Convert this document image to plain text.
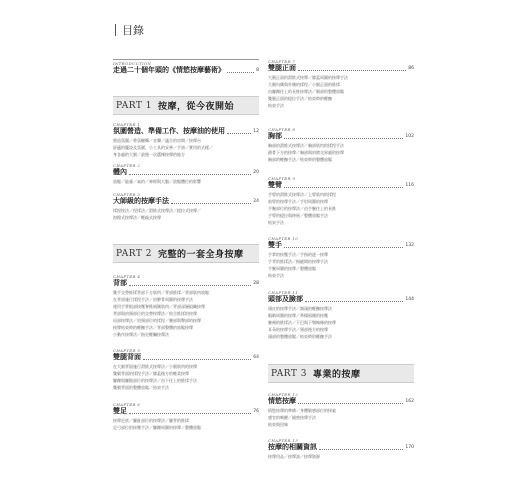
目錄
INTRODUCTION
走過二十個年頭的《情慾按摩藝術》	8
PART 1 按摩，從今夜開始
CHAPTER 1
氛圍營造、準備工作、按摩油的使用	12
營造氛圍／香氛蠟燭／音樂／適合的房間／按摩台
舒適的擺設及氛圍，小工具的妥善／手油／實用的式樣／
身各處的大腿／最後一次選擇按摩的地方
CHAPTER 2
體內	20
放鬆／能量／氣的／神經與大腦／放鬆體位的影響
CHAPTER 3
大師級的按摩手法	24
揉捏按法／捏揉法／滑推式按摩法／提拉式按摩／
扣撥式按摩法／輕敲式按摩
PART 2 完整的一套全身按摩
CHAPTER 4
背部	28
雙手交替推揉背部下方肌肉／背部推揉／背部肌肉放鬆
在背部施行揉捏手法／肩胛骨周圍的按摩手法
運用手掌根部按壓脊椎兩側肌肉／背部深層組織按摩
背部與肩頸部位的交替按摩法／結合推揉的按摩
局部按摩法／肩頸部位的揉捏／腰部與臀部的按摩
按摩結束時的輕撫手法／背部整體的放鬆按摩
小動作按摩法／指尖輕觸按摩法
CHAPTER 5
雙腿背面	64
在大腿背面施行滑推式按摩法／小腿肌肉的按摩
雙腿背面的揉捏手法／膝蓋後方的輕柔按摩
腳踝與腳跟部位的按摩法／由下往上的推揉手法
雙腿背面的整體放鬆／結束手法
CHAPTER 6
雙足	76
按摩足底／腳趾部位的按摩法／腳背的推揉
足弓部位的按壓手法／腳踝周圍的按摩／整體放鬆
CHAPTER 7
雙腿正面	86
大腿正面的滑推式按摩／膝蓋周圍的按摩手法
大腿內側與外側的揉捏／小腿正面的推揉
由腳踝往上的長推按摩法／腿部的整體放鬆
雙腿正面的提拉手法／結束時的輕撫
結束手法
CHAPTER 8
胸部	102
胸部的滑推式按摩法／胸部肌肉的揉捏手法
鎖骨下方的按摩／胸部與肩膀交界處的按摩
胸部的輕撫手法／結束時的整體放鬆
CHAPTER 9
雙臂	116
手臂的滑推式按摩法／上臂肌肉的揉捏
前臂的按摩手法／手肘周圍的按摩
手腕部位的按摩法／由手腕往上的長推
手臂的提拉與伸展／整體放鬆手法
結束手法
CHAPTER 10
雙手	132
手掌的按壓手法／手指的逐一按摩
手背的推揉法／指縫間的按摩手法
手腕周圍的按摩／整體放鬆
結束手法
CHAPTER 11
頭部及臉部	144
頭皮的按摩手法／額頭的輕撫按摩法
眼睛周圍的按摩／鼻樑兩側的按壓
臉頰的推揉法／下巴與下顎線條的按摩
耳朵的按摩手法／頸部後方的按摩
頭部的整體放鬆／結束時的輕撫手法
PART 3 專業的按摩
CHAPTER 12
情慾按摩	162
情慾按摩的準備／身體敏感部位的探索
感官的喚醒／親密按摩手法
結束與回味
CHAPTER 13
按摩的相關資訊	170
按摩用品／按摩油／按摩資源
